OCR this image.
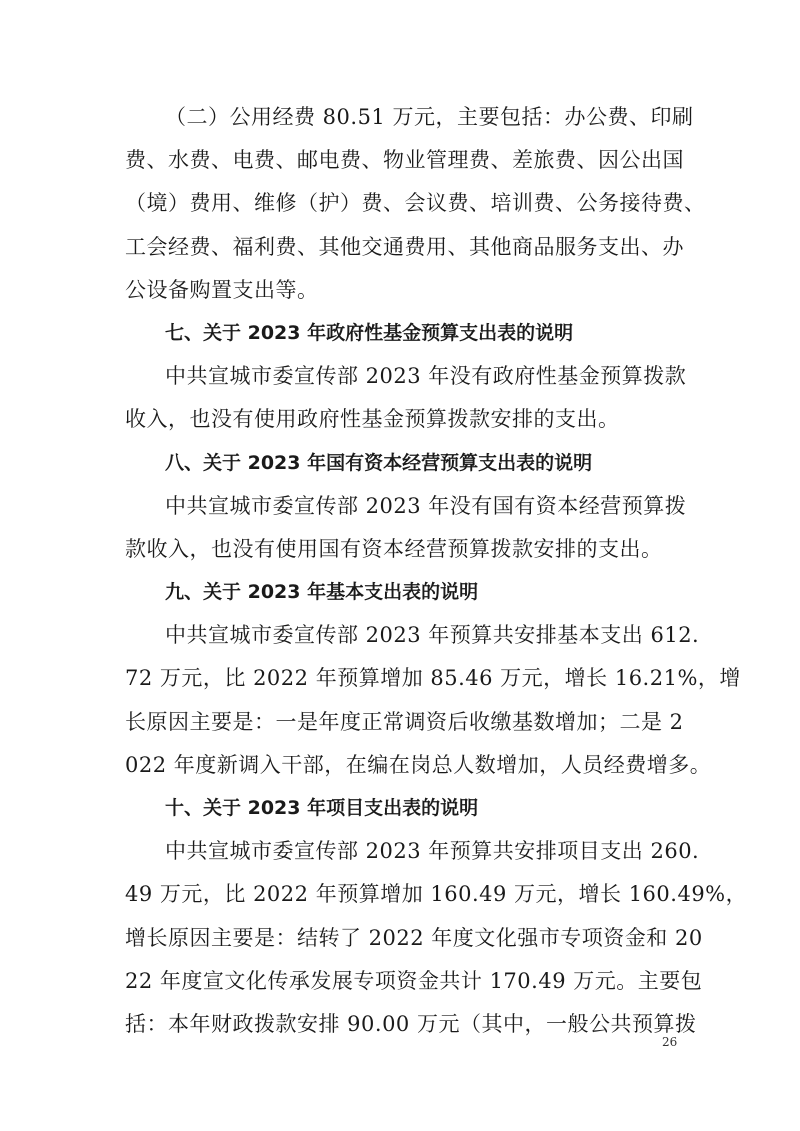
（二）公用经费 80.51 万元，主要包括：办公费、印刷
费、水费、电费、邮电费、物业管理费、差旅费、因公出国
（境）费用、维修（护）费、会议费、培训费、公务接待费、
工会经费、福利费、其他交通费用、其他商品服务支出、办
公设备购置支出等。
七、关于 2023 年政府性基金预算支出表的说明
中共宣城市委宣传部 2023 年没有政府性基金预算拨款
收入，也没有使用政府性基金预算拨款安排的支出。
八、关于 2023 年国有资本经营预算支出表的说明
中共宣城市委宣传部 2023 年没有国有资本经营预算拨
款收入，也没有使用国有资本经营预算拨款安排的支出。
九、关于 2023 年基本支出表的说明
中共宣城市委宣传部 2023 年预算共安排基本支出 612.
72 万元，比 2022 年预算增加 85.46 万元，增长 16.21%，增
长原因主要是：一是年度正常调资后收缴基数增加；二是 2
022 年度新调入干部，在编在岗总人数增加，人员经费增多。
十、关于 2023 年项目支出表的说明
中共宣城市委宣传部 2023 年预算共安排项目支出 260.
49 万元，比 2022 年预算增加 160.49 万元，增长 160.49%，
增长原因主要是：结转了 2022 年度文化强市专项资金和 20
22 年度宣文化传承发展专项资金共计 170.49 万元。主要包
括：本年财政拨款安排 90.00 万元（其中，一般公共预算拨
26
